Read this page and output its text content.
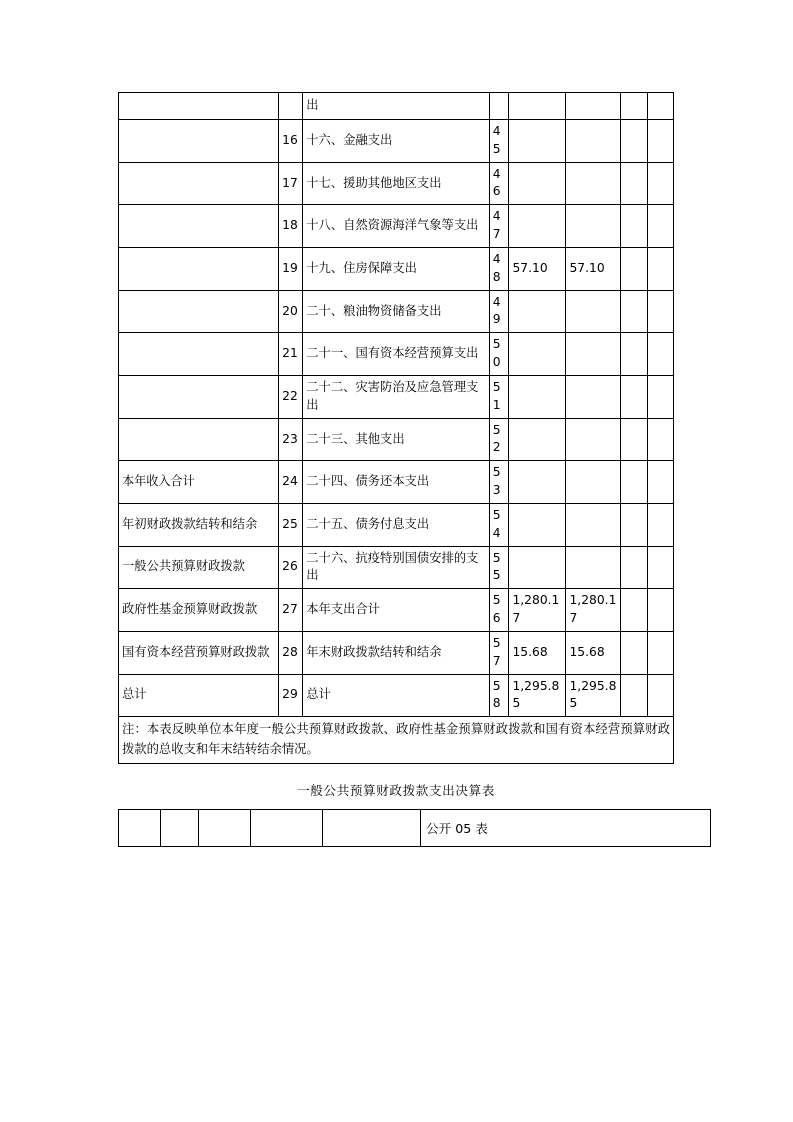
		出					
	16	十六、金融支出	45				
	17	十七、援助其他地区支出	46				
	18	十八、自然资源海洋气象等支出	47				
	19	十九、住房保障支出	48	57.10	57.10		
	20	二十、粮油物资储备支出	49				
	21	二十一、国有资本经营预算支出	50				
	22	二十二、灾害防治及应急管理支出	51				
	23	二十三、其他支出	52				
本年收入合计	24	二十四、债务还本支出	53				
年初财政拨款结转和结余	25	二十五、债务付息支出	54				
一般公共预算财政拨款	26	二十六、抗疫特别国债安排的支出	55				
政府性基金预算财政拨款	27	本年支出合计	56	1,280.17	1,280.17		
国有资本经营预算财政拨款	28	年末财政拨款结转和结余	57	15.68	15.68		
总计	29	总计	58	1,295.85	1,295.85		
注：本表反映单位本年度一般公共预算财政拨款、政府性基金预算财政拨款和国有资本经营预算财政拨款的总收支和年末结转结余情况。							
一般公共预算财政拨款支出决算表
					公开 05 表
